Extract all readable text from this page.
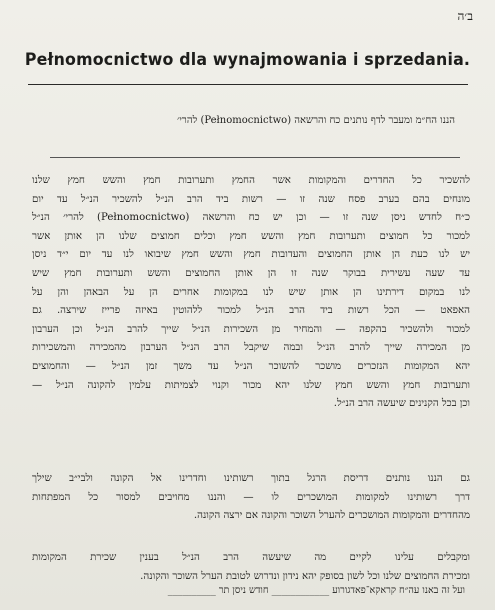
ב׳ה
Pełnomocnictwo dla wynajmowania i sprzedania.
הננו הח״מ ומעבר לדף נותנים כח והרשאה (Pełnomocnictwo) להרי׳
להשכיר כל החדרים והמקומות אשר החמץ ותערובות חמץ והשש חמץ שלנו
מונחים בהם בערב פסח שנה זו — רשות ביד הרב הנ״ל להשכיר הנ״ל עד יום
כ״ח לחדש ניסן שנה זו — וכן יש כח והרשאה (Pełnomocnictwo) להרי׳ הנ״ל
למכור כל חמוצים ותערובות חמץ והשש חמץ וכלים חמוצים שלנו הן אותן אשר
יש לנו כעת הן אותן החמוצים והעדובות חמץ והשש חמץ שיבואו לנו עד יום י״ד ניסן
עד שעה עשירית בבוקר שנה זו הן אותן החמוצים והשש ותערובות חמץ שיש
לנו במקום דירתינו הן אותן שיש לנו במקומות אחרים הן על הבאהן והן על
האפאט — הכל רשות ביד הרב הנ״ל למכור ללהוטין באיזה פרייז שירצה. גם
למכור ולהשכיר בהקפה — והמחיר מן השכירות הנ״ל שייך להרב הנ״ל וכן הערבון
מן המכירה שייך להרב הנ״ל ובמה שיקבל הרב הנ״ל הערבון מהמכירה והמשכירות
יהא המקומות הנזכרים מושכר להשוכר הנ״ל עד משך זמן הנ״ל — והחמוצים
ותערובות חמץ והשש חמץ שלנו יהא מכור וקנוי לצמיתות עלמין להקונה הנ״ל —
וכן בכל הקנינים שיעשה הרב הנ״ל.
גם הננו נותנים דריסת הרגל בתוך רשותינו וחדרינו אל הקונה ולבי״ב שילך
דרך רשותינו למקומות המושכרים לו — והננו מחויבים למסור כל המפתחות
מהחדרים והמקומות המושכרים להערל השוכר והקונה אם ירצה הקונה.
ומקבלים עלינו לקיים מה שיעשה הרב הנ״ל בענין שכירת המקומות
ומכירת החמוצים שלנו וכל לשון בסופק יהא נידון ונדרוש לטובת הערל השוכר והקונה.
ועל זה באנו עה״ח קראקא־פאדגורוע ____________ חודש ניסן תר __________
